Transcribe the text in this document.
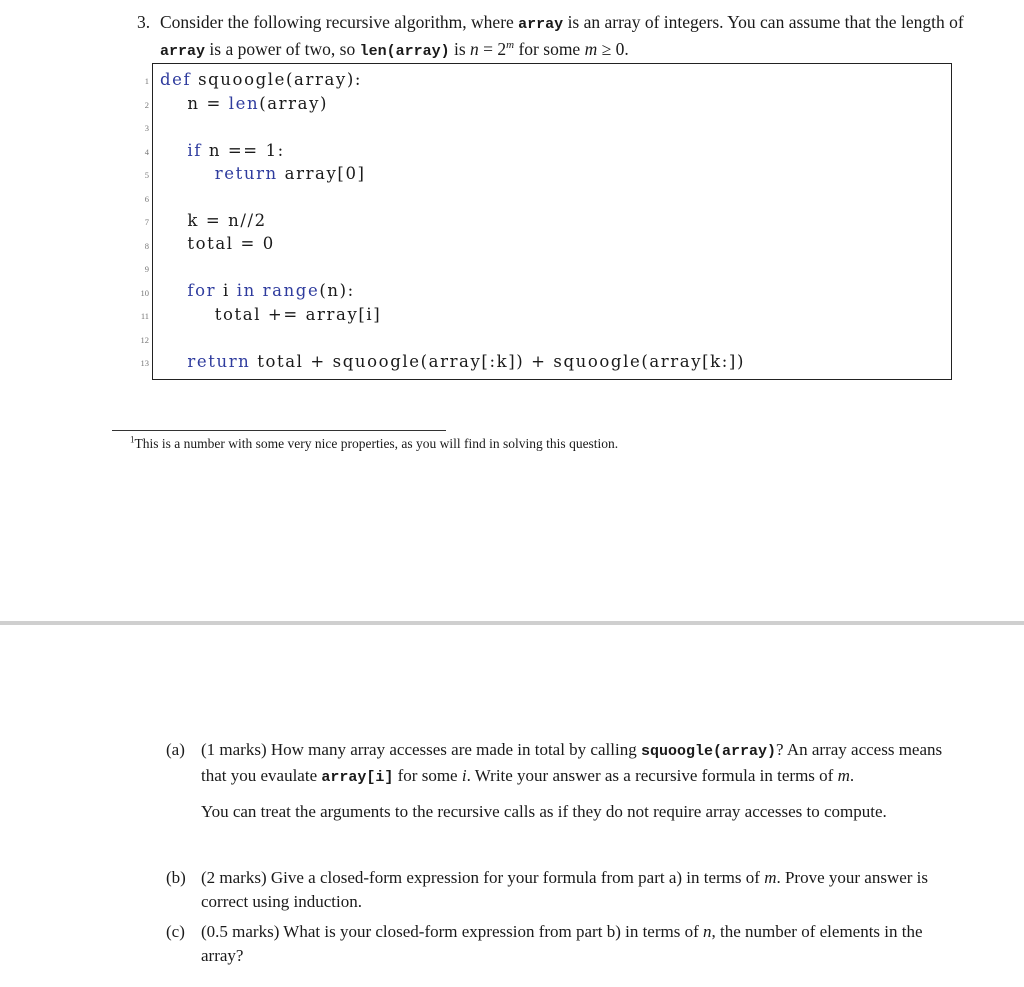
3. Consider the following recursive algorithm, where array is an array of integers. You can assume that the length of array is a power of two, so len(array) is $n = 2^m$ for some m ≥ 0.
1
2
3
4
5
6
7
8
9
10
11
12
13
def squoogle(array):
n = len(array)
if n == 1:
return array[0]
k = n//2
total = 0
for i in range(n):
total += array[i]
return total + squoogle(array[:k]) + squoogle(array[k:])
$^1$This is a number with some very nice properties, as you will find in solving this question.
(a) (1 marks) How many array accesses are made in total by calling squoogle(array)? An array access means that you evaulate array[i] for some i. Write your answer as a recursive formula in terms of m.
You can treat the arguments to the recursive calls as if they do not require array accesses to compute.
(b) (2 marks) Give a closed-form expression for your formula from part a) in terms of m. Prove your answer is correct using induction.
(c) (0.5 marks) What is your closed-form expression from part b) in terms of n, the number of elements in the array?
